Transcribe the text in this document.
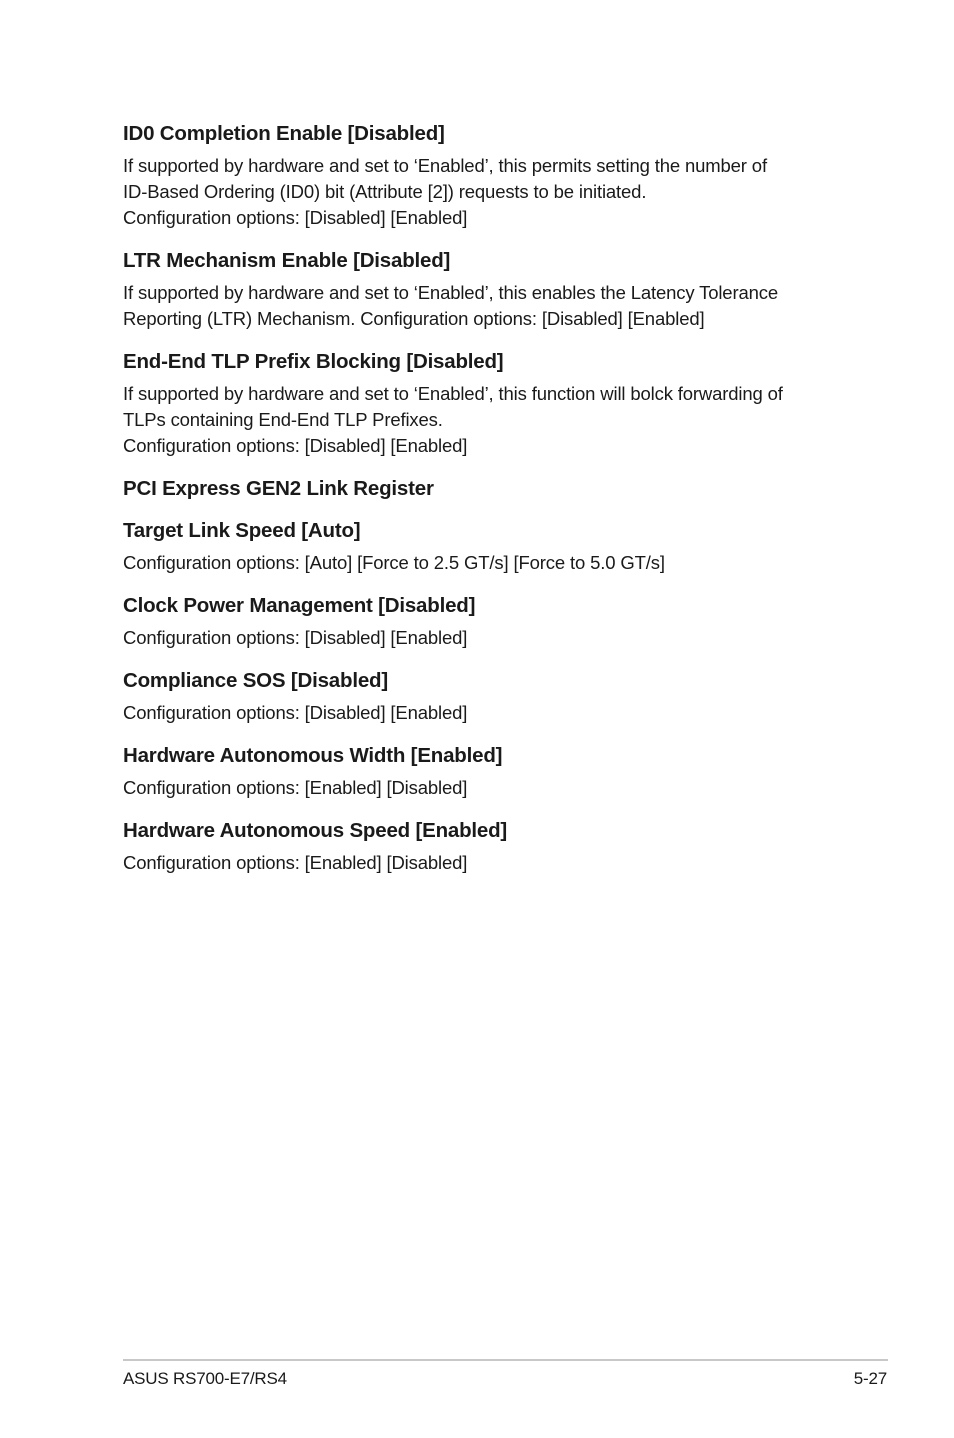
ID0 Completion Enable [Disabled]

If supported by hardware and set to ‘Enabled’, this permits setting the number of
ID-Based Ordering (ID0) bit (Attribute [2]) requests to be initiated.
Configuration options: [Disabled] [Enabled]

LTR Mechanism Enable [Disabled]

If supported by hardware and set to ‘Enabled’, this enables the Latency Tolerance
Reporting (LTR) Mechanism. Configuration options: [Disabled] [Enabled]

End-End TLP Prefix Blocking [Disabled]

If supported by hardware and set to ‘Enabled’, this function will bolck forwarding of
TLPs containing End-End TLP Prefixes.
Configuration options: [Disabled] [Enabled]

PCI Express GEN2 Link Register
Target Link Speed [Auto]

Configuration options: [Auto] [Force to 2.5 GT/s] [Force to 5.0 GT/s]

Clock Power Management [Disabled]

Configuration options: [Disabled] [Enabled]

Compliance SOS [Disabled]

Configuration options: [Disabled] [Enabled]

Hardware Autonomous Width [Enabled]

Configuration options: [Enabled] [Disabled]

Hardware Autonomous Speed [Enabled]

Configuration options: [Enabled] [Disabled]

ASUS RS700-E7/RS4	5-27
